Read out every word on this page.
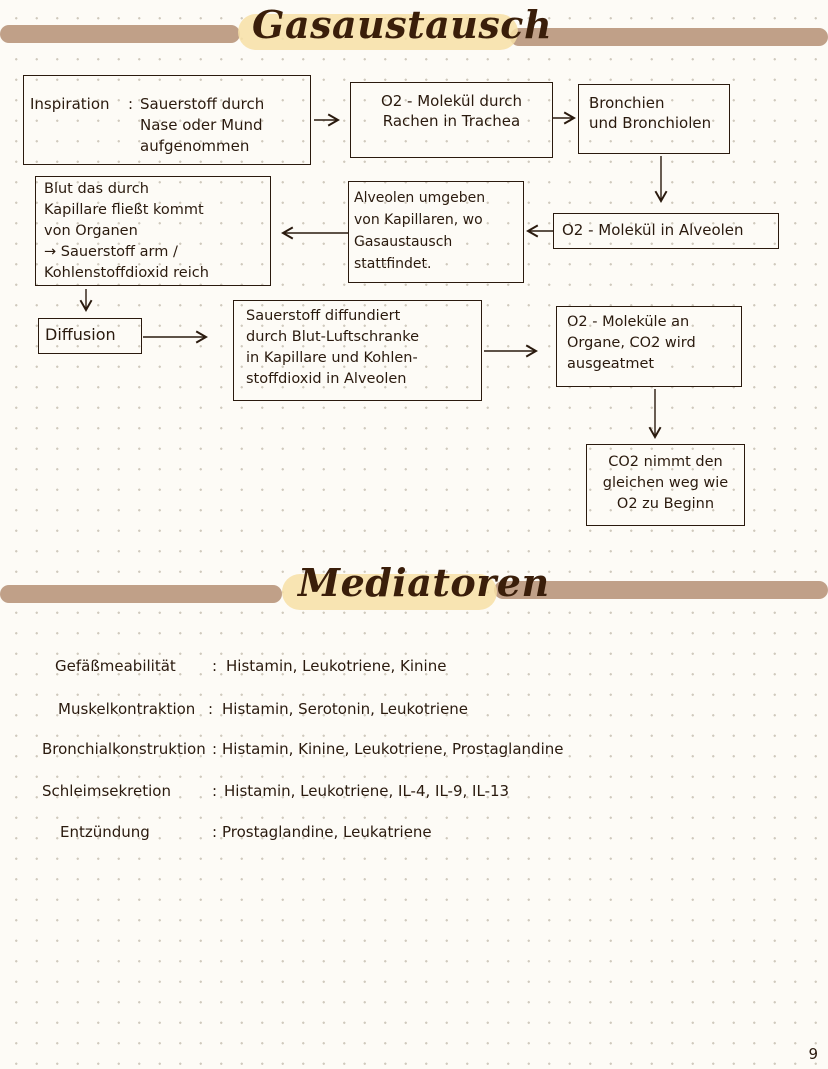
Gasaustausch
Inspiration : Sauerstoff durch
Nase oder Mund
aufgenommen
O2 - Molekül durch
Rachen in Trachea
Bronchien
und Bronchiolen
O2 - Molekül in Alveolen
Alveolen umgeben
von Kapillaren, wo
Gasaustausch
stattfindet.
Blut das durch
Kapillare fließt kommt
von Organen
→ Sauerstoff arm /
Kohlenstoffdioxid reich
Diffusion
Sauerstoff diffundiert
durch Blut-Luftschranke
in Kapillare und Kohlen-
stoffdioxid in Alveolen
O2 - Moleküle an
Organe, CO2 wird
ausgeatmet
CO2 nimmt den
gleichen weg wie
O2 zu Beginn
Mediatoren
Gefäßmeabilität : Histamin, Leukotriene, Kinine
Muskelkontraktion : Histamin, Serotonin, Leukotriene
Bronchialkonstruktion : Histamin, Kinine, Leukotriene, Prostaglandine
Schleimsekretion	: Histamin, Leukotriene, IL-4, IL-9, IL-13
Entzündung	: Prostaglandine, Leukatriene
9
